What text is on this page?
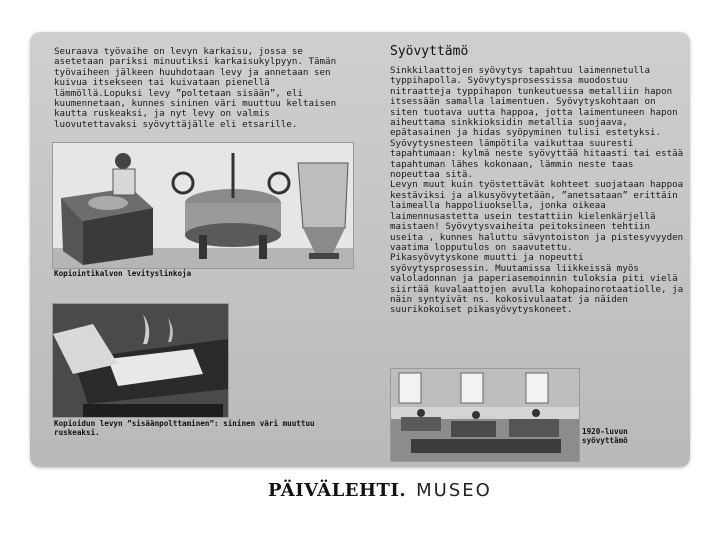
Seuraava työvaihe on levyn karkaisu, jossa se asetetaan pariksi minuutiksi karkaisukylpyyn. Tämän työvaiheen jälkeen huuhdotaan levy ja annetaan sen kuivua itsekseen tai kuivataan pienellä lämmöllä.Lopuksi levy ”poltetaan sisään”, eli kuumennetaan, kunnes sininen väri muuttuu keltaisen kautta ruskeaksi, ja nyt levy on valmis luovutettavaksi syövyttäjälle eli etsarille.
Kopiointikalvon levityslinkoja
Kopioidun levyn ”sisäänpolttaminen”: sininen väri muuttuu ruskeaksi.
Syövyttämö

Sinkkilaattojen syövytys tapahtuu laimennetulla typpihapolla. Syövytysprosessissa muodostuu nitraatteja typpihapon tunkeutuessa metalliin hapon itsessään samalla laimentuen. Syövytyskohtaan on siten tuotava uutta happoa, jotta laimentuneen hapon aiheuttama sinkkioksidin metallia suojaava, epätasainen ja hidas syöpyminen tulisi estetyksi.

Syövytysnesteen lämpötila vaikuttaa suuresti tapahtumaan: kylmä neste syövyttää hitaasti tai estää tapahtuman lähes kokonaan, lämmin neste taas nopeuttaa sitä.

Levyn muut kuin työstettävät kohteet suojataan happoa kestäviksi ja alkusyövytetään, ”anetsataan” erittäin laimealla happoliuoksella, jonka oikeaa laimennusastetta usein testattiin kielenkärjellä maistaen! Syövytysvaiheita peitoksineen tehtiin useita , kunnes haluttu sävyntoiston ja pistesyvyyden vaatima lopputulos on saavutettu.

Pikasyövytyskone muutti ja nopeutti syövytysprosessin. Muutamissa liikkeissä myös valoladonnan ja paperiasemoinnin tuloksia piti vielä siirtää kuvalaattojen avulla kohopainorotaatiolle, ja näin syntyivät ns. kokosivulaatat ja näiden suurikokoiset pikasyövytyskoneet.

1920-luvun syövyttämö
PÄIVÄLEHTI. MUSEO
